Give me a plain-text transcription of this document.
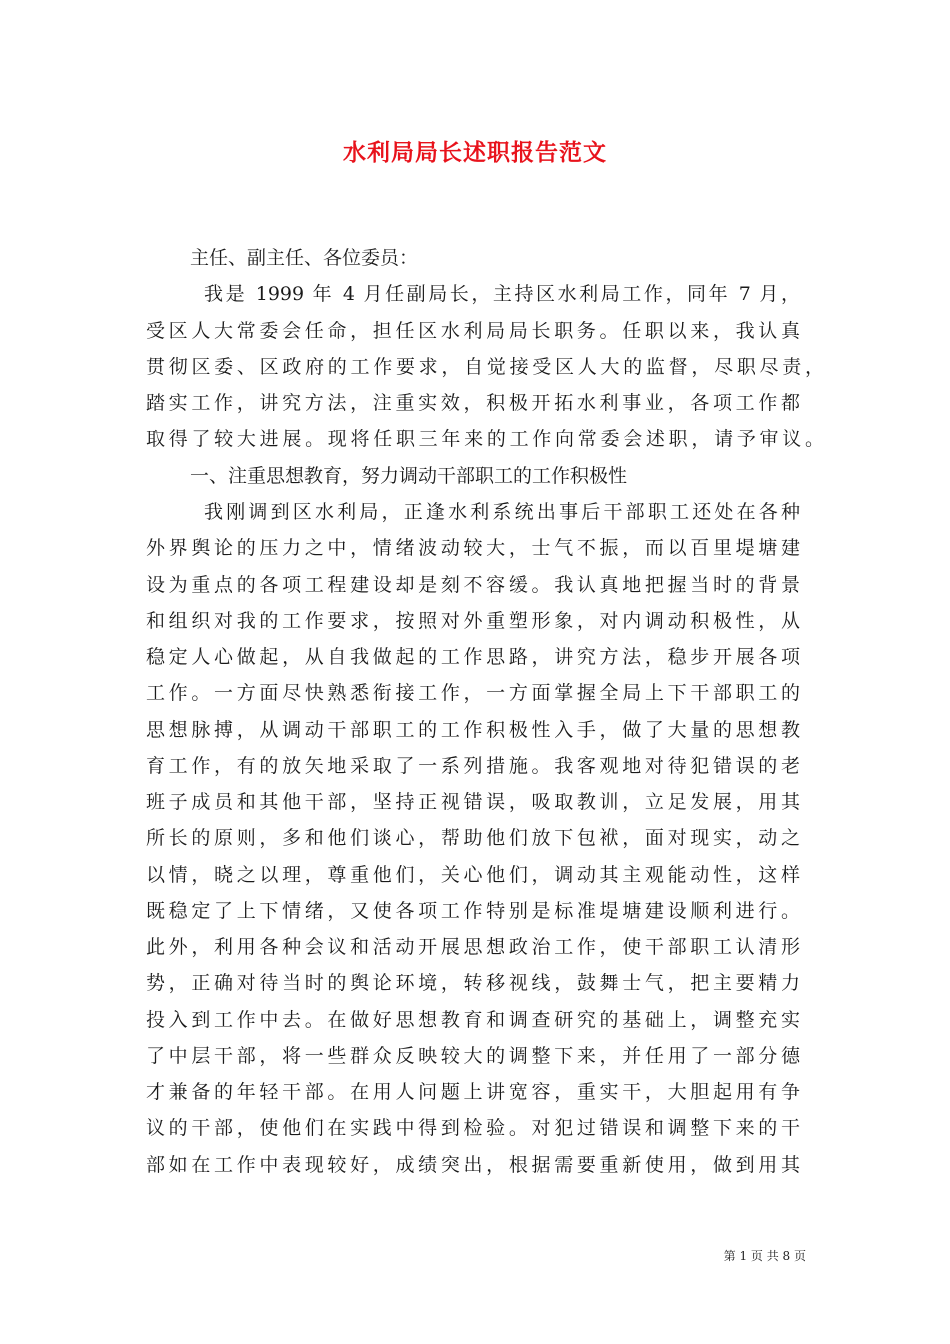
水利局局长述职报告范文
主任、副主任、各位委员：
我是 1999 年 4 月任副局长，主持区水利局工作，同年 7 月，
受区人大常委会任命，担任区水利局局长职务。任职以来，我认真
贯彻区委、区政府的工作要求，自觉接受区人大的监督，尽职尽责，
踏实工作，讲究方法，注重实效，积极开拓水利事业，各项工作都
取得了较大进展。现将任职三年来的工作向常委会述职，请予审议。
一、注重思想教育，努力调动干部职工的工作积极性
我刚调到区水利局，正逢水利系统出事后干部职工还处在各种
外界舆论的压力之中，情绪波动较大，士气不振，而以百里堤塘建
设为重点的各项工程建设却是刻不容缓。我认真地把握当时的背景
和组织对我的工作要求，按照对外重塑形象，对内调动积极性，从
稳定人心做起，从自我做起的工作思路，讲究方法，稳步开展各项
工作。一方面尽快熟悉衔接工作，一方面掌握全局上下干部职工的
思想脉搏，从调动干部职工的工作积极性入手，做了大量的思想教
育工作，有的放矢地采取了一系列措施。我客观地对待犯错误的老
班子成员和其他干部，坚持正视错误，吸取教训，立足发展，用其
所长的原则，多和他们谈心，帮助他们放下包袱，面对现实，动之
以情，晓之以理，尊重他们，关心他们，调动其主观能动性，这样
既稳定了上下情绪，又使各项工作特别是标准堤塘建设顺利进行。
此外，利用各种会议和活动开展思想政治工作，使干部职工认清形
势，正确对待当时的舆论环境，转移视线，鼓舞士气，把主要精力
投入到工作中去。在做好思想教育和调查研究的基础上，调整充实
了中层干部，将一些群众反映较大的调整下来，并任用了一部分德
才兼备的年轻干部。在用人问题上讲宽容，重实干，大胆起用有争
议的干部，使他们在实践中得到检验。对犯过错误和调整下来的干
部如在工作中表现较好，成绩突出，根据需要重新使用，做到用其
第 1 页 共 8 页
